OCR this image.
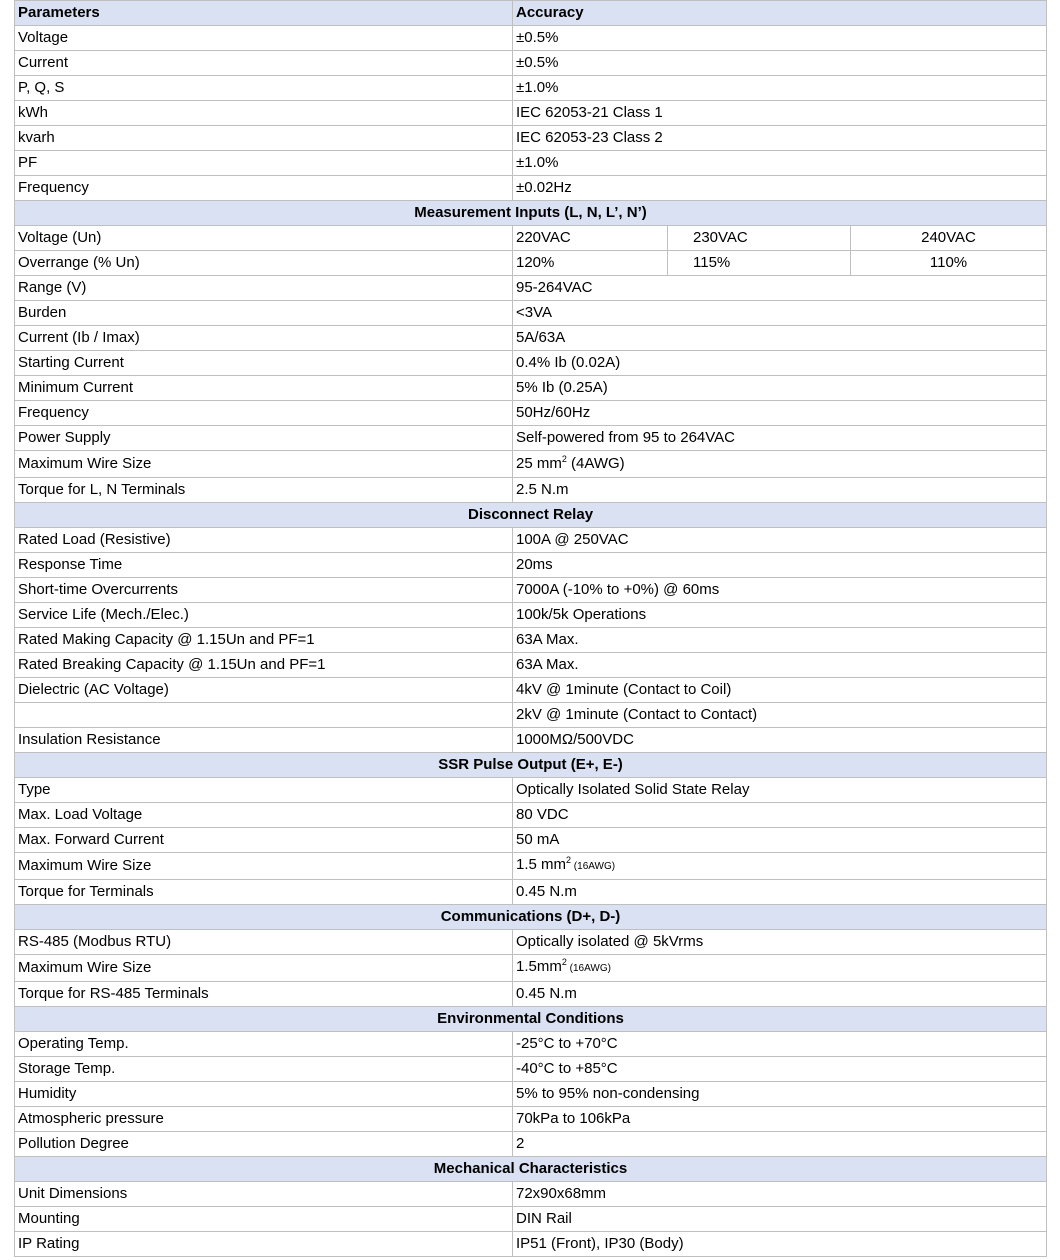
Parameters	Accuracy		
Voltage	±0.5%		
Current	±0.5%		
P, Q, S	±1.0%		
kWh	IEC 62053-21 Class 1		
kvarh	IEC 62053-23 Class 2		
PF	±1.0%		
Frequency	±0.02Hz		
Measurement Inputs (L, N, L’, N’)			
Voltage (Un)	220VAC	230VAC	240VAC
Overrange (% Un)	120%	115%	110%
Range (V)	95-264VAC		
Burden	<3VA		
Current (Ib / Imax)	5A/63A		
Starting Current	0.4% Ib (0.02A)		
Minimum Current	5% Ib (0.25A)		
Frequency	50Hz/60Hz		
Power Supply	Self-powered from 95 to 264VAC		
Maximum Wire Size	25 $mm^2$ (4AWG)		
Torque for L, N Terminals	2.5 N.m		
Disconnect Relay			
Rated Load (Resistive)	100A @ 250VAC		
Response Time	20ms		
Short-time Overcurrents	7000A (-10% to +0%) @ 60ms		
Service Life (Mech./Elec.)	100k/5k Operations		
Rated Making Capacity @ 1.15Un and PF=1	63A Max.		
Rated Breaking Capacity @ 1.15Un and PF=1	63A Max.		
Dielectric (AC Voltage)	4kV @ 1minute (Contact to Coil)		
	2kV @ 1minute (Contact to Contact)		
Insulation Resistance	1000MΩ/500VDC		
SSR Pulse Output (E+, E-)			
Type	Optically Isolated Solid State Relay		
Max. Load Voltage	80 VDC		
Max. Forward Current	50 mA		
Maximum Wire Size	1.5 $mm^2$ (16AWG)		
Torque for Terminals	0.45 N.m		
Communications (D+, D-)			
RS-485 (Modbus RTU)	Optically isolated @ 5kVrms		
Maximum Wire Size	$1.5mm^2$ (16AWG)		
Torque for RS-485 Terminals	0.45 N.m		
Environmental Conditions			
Operating Temp.	-25°C to +70°C		
Storage Temp.	-40°C to +85°C		
Humidity	5% to 95% non-condensing		
Atmospheric pressure	70kPa to 106kPa		
Pollution Degree	2		
Mechanical Characteristics			
Unit Dimensions	72x90x68mm		
Mounting	DIN Rail		
IP Rating	IP51 (Front), IP30 (Body)		
